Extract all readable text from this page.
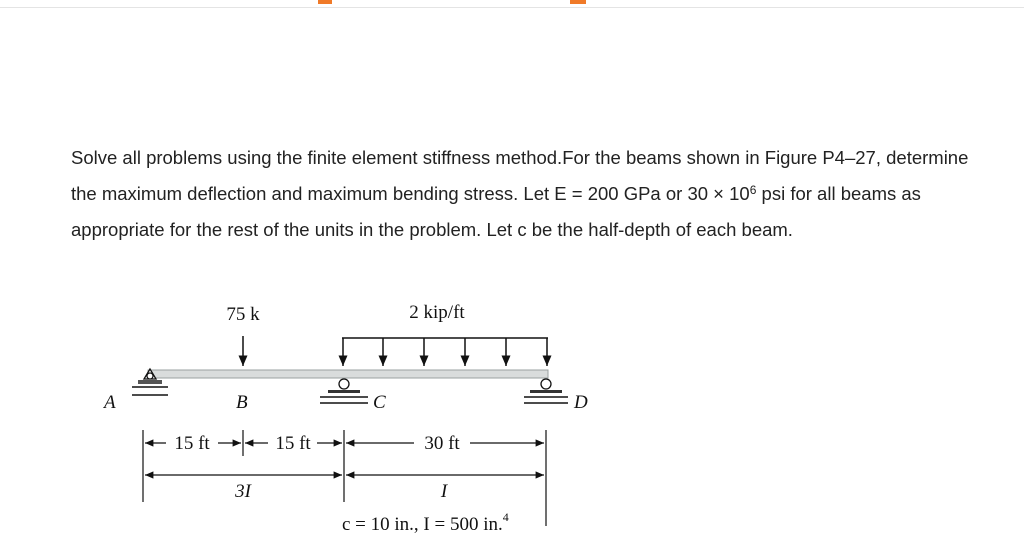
Solve all problems using the finite element stiffness method.For the beams shown in Figure P4–27, determine the maximum deflection and maximum bending stress. Let E = 200 GPa or $30 \times 10^6$ psi for all beams as appropriate for the rest of the units in the problem. Let c be the half-depth of each beam.
75 k	2 kip/ft
A	B	C	D
15 ft	15 ft	30 ft
3I	I
c = 10 in., I = 500 in.$^4$
